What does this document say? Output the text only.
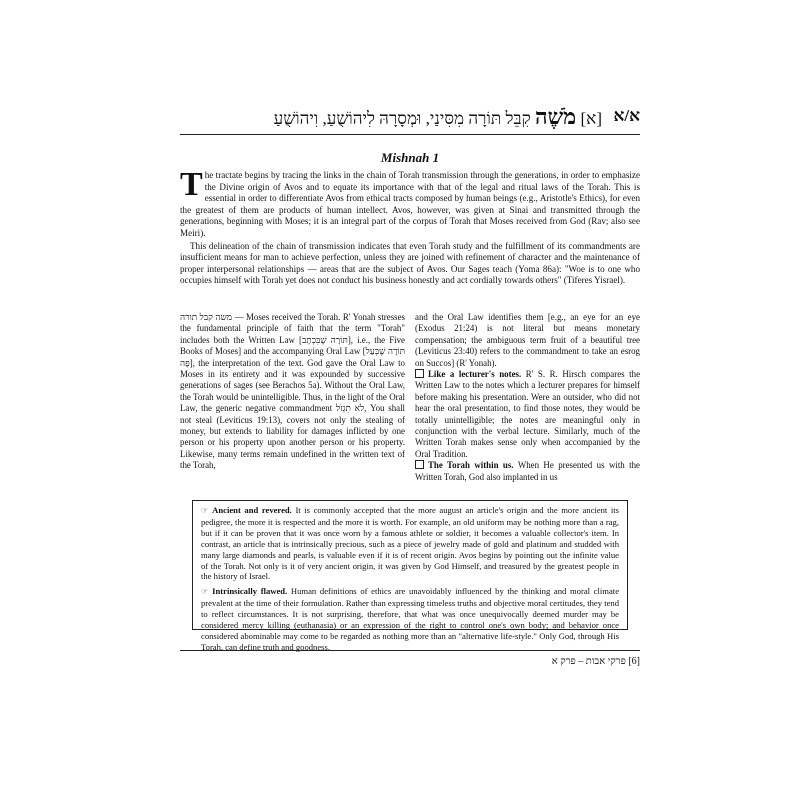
א/א
[א] מֹשֶׁה קִבֵּל תּוֹרָה מִסִּינַי, וּמְסָרָהּ לִיהוֹשֻׁעַ, וִיהוֹשֻׁעַ
Mishnah 1

The tractate begins by tracing the links in the chain of Torah transmission through the generations, in order to emphasize the Divine origin of Avos and to equate its importance with that of the legal and ritual laws of the Torah. This is essential in order to differentiate Avos from ethical tracts composed by human beings (e.g., Aristotle's Ethics), for even the greatest of them are products of human intellect. Avos, however, was given at Sinai and transmitted through the generations, beginning with Moses; it is an integral part of the corpus of Torah that Moses received from God (Rav; also see Meiri).

This delineation of the chain of transmission indicates that even Torah study and the fulfillment of its commandments are insufficient means for man to achieve perfection, unless they are joined with refinement of character and the maintenance of proper interpersonal relationships — areas that are the subject of Avos. Our Sages teach (Yoma 86a): "Woe is to one who occupies himself with Torah yet does not conduct his business honestly and act cordially towards others" (Tiferes Yisrael).

משה קבל תורה — Moses received the Torah. R' Yonah stresses the fundamental principle of faith that the term "Torah" includes both the Written Law [תּוֹרָה שֶׁבִּכְתָב], i.e., the Five Books of Moses] and the accompanying Oral Law [תּוֹרָה שֶׁבְּעַל פֶּה], the interpretation of the text. God gave the Oral Law to Moses in its entirety and it was expounded by successive generations of sages (see Berachos 5a). Without the Oral Law, the Torah would be unintelligible. Thus, in the light of the Oral Law, the generic negative commandment לֹא תִגְזֹל, You shall not steal (Leviticus 19:13), covers not only the stealing of money, but extends to liability for damages inflicted by one person or his property upon another person or his property. Likewise, many terms remain undefined in the written text of the Torah,

and the Oral Law identifies them [e.g., an eye for an eye (Exodus 21:24) is not literal but means monetary compensation; the ambiguous term fruit of a beautiful tree (Leviticus 23:40) refers to the commandment to take an esrog on Succos] (R' Yonah).

Like a lecturer's notes. R' S. R. Hirsch compares the Written Law to the notes which a lecturer prepares for himself before making his presentation. Were an outsider, who did not hear the oral presentation, to find those notes, they would be totally unintelligible; the notes are meaningful only in conjunction with the verbal lecture. Similarly, much of the Written Torah makes sense only when accompanied by the Oral Tradition.

The Torah within us. When He presented us with the Written Torah, God also implanted in us

☞ Ancient and revered. It is commonly accepted that the more august an article's origin and the more ancient its pedigree, the more it is respected and the more it is worth. For example, an old uniform may be nothing more than a rag, but if it can be proven that it was once worn by a famous athlete or soldier, it becomes a valuable collector's item. In contrast, an article that is intrinsically precious, such as a piece of jewelry made of gold and platinum and studded with many large diamonds and pearls, is valuable even if it is of recent origin. Avos begins by pointing out the infinite value of the Torah. Not only is it of very ancient origin, it was given by God Himself, and treasured by the greatest people in the history of Israel.

☞ Intrinsically flawed. Human definitions of ethics are unavoidably influenced by the thinking and moral climate prevalent at the time of their formulation. Rather than expressing timeless truths and objective moral certitudes, they tend to reflect circumstances. It is not surprising, therefore, that what was once unequivocally deemed murder may be considered mercy killing (euthanasia) or an expression of the right to control one's own body; and behavior once considered abominable may come to be regarded as nothing more than an "alternative life-style." Only God, through His Torah, can define truth and goodness.

[6] פרקי אבות – פרק א
